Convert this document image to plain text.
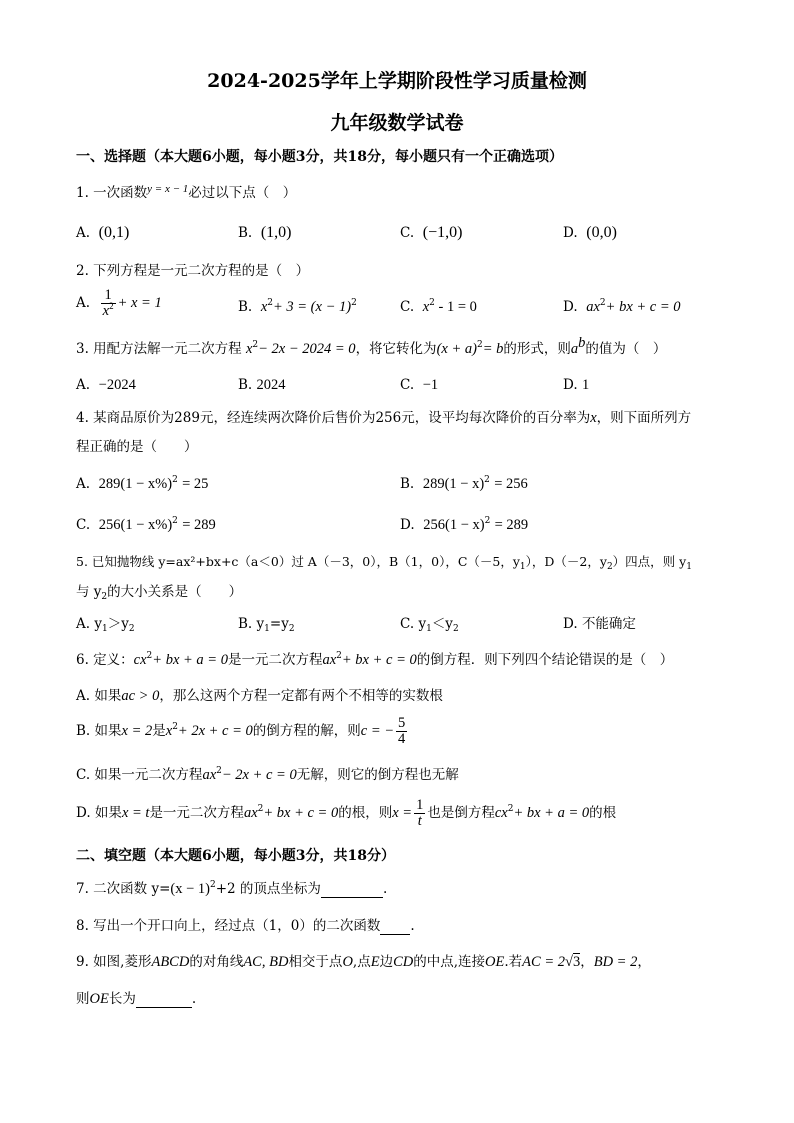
2024-2025学年上学期阶段性学习质量检测
九年级数学试卷
一、选择题（本大题6小题，每小题3分，共18分，每小题只有一个正确选项）
1. 一次函数$^{y = x - 1}$必过以下点（　）
A. (0,1)	B. (1,0)	C. (−1,0)	D. (0,0)
2. 下列方程是一元二次方程的是（　）
A. $\frac{1}{x^2} + x = 1$	B. $x^2+ 3 = (x - 1)^2$	C. $x^2 - 1 = 0$	D. $ax^2+$ bx + c = 0
3. 用配方法解一元二次方程 $x^2- 2x - 2024 = 0$，将它转化为$(x + a)^2= b$的形式，则$a^b$的值为（　）
A. −2024	B. 2024	C. −1	D. 1
4. 某商品原价为289元，经连续两次降价后售价为256元，设平均每次降价的百分率为x，则下面所列方
程正确的是（　　）
A. $289(1 - x\%)^2 = 25$	B. $289(1 - x)^2 = 256$
C. $256(1 - x\%)^2 = 289$	D. $256(1 - x)^2 = 289$
5. 已知抛物线 y=ax²+bx+c（a＜0）过 A（－3，0），B（1，0），C（－5，$y_1$），D（－2，$y_2$）四点，则 $y_1$
与 $y_2$的大小关系是（　　）
A. $y_1>y_2$	B. $y_1=y_2$	C. $y_1<y_2$	D. 不能确定
6. 定义：$cx^2+$ bx + a = 0是一元二次方程$ax^2+$ bx + c = 0的倒方程．则下列四个结论错误的是（　）
A. 如果ac > 0，那么这两个方程一定都有两个不相等的实数根
B. 如果x = 2是$x^2+ 2x + c = 0$的倒方程的解，则c = − $\frac{5}{4}$
C. 如果一元二次方程$ax^2- 2x + c = 0$无解，则它的倒方程也无解
D. 如果x = t是一元二次方程$ax^2+$ bx + c = 0的根，则$x = \frac{1}{t}$ 也是倒方程$cx^2+$ bx + a = 0的根
二、填空题（本大题6小题，每小题3分，共18分）
7. 二次函数 $y=(x - 1)^2+2$ 的顶点坐标为	.
8. 写出一个开口向上，经过点（1，0）的二次函数 .
9. 如图,菱形ABCD的对角线AC, BD相交于点O,点E边CD的中点,连接OE.若AC = 2√3，BD = 2，
则OE长为	.
